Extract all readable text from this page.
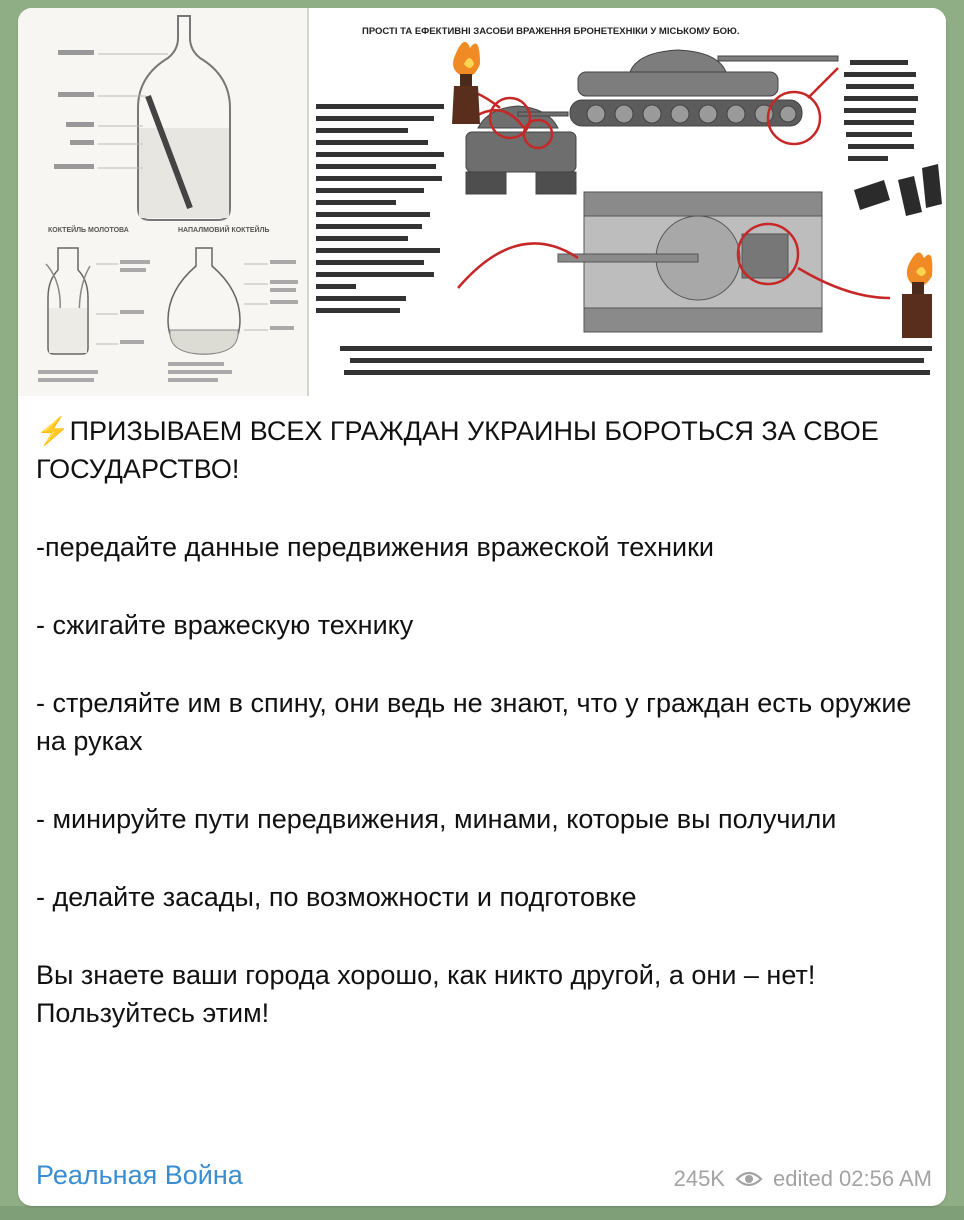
КОКТЕЙЛЬ МОЛОТОВА	НАПАЛМОВИЙ КОКТЕЙЛЬ
ПРОСТІ ТА ЕФЕКТИВНІ ЗАСОБИ ВРАЖЕННЯ БРОНЕТЕХНІКИ У МІСЬКОМУ БОЮ.

⚡ПРИЗЫВАЕМ ВСЕХ ГРАЖДАН УКРАИНЫ БОРОТЬСЯ ЗА СВОЕ ГОСУДАРСТВО!

-передайте данные передвижения вражеской техники

- сжигайте вражескую технику

- стреляйте им в спину, они ведь не знают, что у граждан есть оружие на руках

- минируйте пути передвижения, минами, которые вы получили

- делайте засады, по возможности и подготовке

Вы знаете ваши города хорошо, как никто другой, а они – нет!

Пользуйтесь этим!

Реальная Война	245K edited 02:56 AM
